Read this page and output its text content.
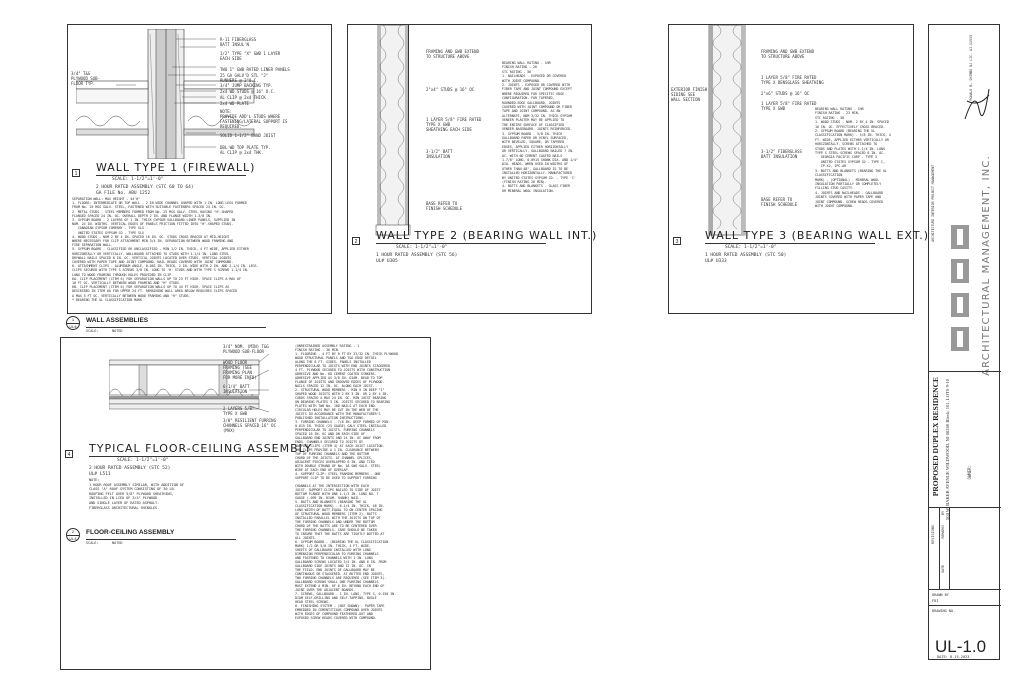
R-11 FIBERGLASS
BATT INSUL'N
1/2" TYPE "X" GWB 1 LAYER
EACH SIDE
TWO 1" GWB RATED LINER PANELS
25 GA GALV'D STL "J"
RUNNERS @ 2"O.C.
3/4" T&G
PLYWOOD SUB-
FLOOR TYP.	3/4" JUMP BACKING TYP.
2x4 WD STUDS @ 16" O.C.
AL CLIP @ 2x4 THICK
2x4 WD PLATE
NOTE:
PROVIDE ADD'L STUDS WHERE
FASTENING/LATERAL SUPPORT IS
REQUIRED.
SOLID 1-1/2" BAND JOIST
DBL WD TOP PLATE TYP.
AL CLIP @ 2x4 THK.
1 WALL TYPE 1 (FIREWALL)
SCALE: 1-1/2"=1'-0"
2 HOUR RATED ASSEMBLY (STC 60 TO 64)
GA FILE No. ABU 1252
SEPARATION WALL: MAX HEIGHT - 44'0"
1. FLOORS: INTERMEDIATE OR TOP WALL - 2 IN WIDE CHANNEL SHAPED WITH 1 IN. LONG LEGS FORMED
FROM No. 25 MSG GALV. STEEL, FASTENED WITH SUITABLE FASTENERS SPACED 24 IN. OC.
2. METAL STUDS - STEEL MEMBERS FORMED FROM No. 25 MSG GALV. STEEL HAVING "H"-SHAPED
FLANGED SPACED 24 IN. OC. OVERALL DEPTH 2 IN. AND FLANGE WIDTH 1-3/8 IN.
3. GYPSUM BOARD - 2 LAYERS OF 1 IN. THICK GYPSUM GALLBOARD LINER PANELS, SUPPLIED IN
NOM. 24 IN. WIDTHS. VERTICAL EDGES OF PANELS FRICTION FITTED INTO "H"-SHAPED STUDS.
CANADIAN GYPSUM COMPANY - TYPE SLX
UNITED STATES GYPSUM CO - TYPE SLX
4. WOOD STUDS - NOM 2 BY 4 IN. SPACED 16 IN. OC. STUDS CROSS BRACED AT MID-HEIGHT
WHERE NECESSARY FOR CLIP ATTACHMENT MIN 3/4 IN. SEPARATION BETWEEN WOOD FRAMING AND
FIRE SEPARATION WALL.
5. GYPSUM BOARD - CLASSIFIED OR UNCLASSIFIED - MIN 1/2 IN. THICK, 4 FT WIDE, APPLIED EITHER
HORIZONTALLY OR VERTICALLY. WALLBOARD ATTACHED TO STUDS WITH 1-1/4 IN. LONG STEEL
DRYWALL NAILS SPACED 8 IN. OC. VERTICAL JOINTS LOCATED OVER STUDS. VERTICAL JOINTS
COVERED WITH PAPER TAPE AND JOINT COMPOUND. NAIL HEADS COVERED WITH JOINT COMPOUND.
6. ATTACHMENT CLIPS - ALUMINUM ANGLE, 0.063 IN. THICK, 2 IN. WIDE WITH 2 IN. AND 2-1/4 IN. LEGS.
CLIPS SECURED WITH TYPE S SCREWS 3/8 IN. LONG TO 'H' STUDS AND WITH TYPE S SCREWS 1-1/4 IN.
LONG TO WOOD FRAMING THROUGH HOLES PROVIDED IN CLIP.
6A. CLIP PLACEMENT (ITEM 6) FOR SEPARATION WALLS UP TO 23 FT HIGH. SPACE CLIPS A MAX OF
10 FT OC. VERTICALLY BETWEEN WOOD FRAMING AND "H" STUDS.
6B. CLIP PLACEMENT (ITEM 6) FOR SEPARATION WALLS UP TO 44 FT HIGH. SPACE CLIPS AS
DESCRIBED IN ITEM 6A FOR UPPER 24 FT. REMAINING WALL AREA BELOW REQUIRES CLIPS SPACED
A MAX 5 FT OC. VERTICALLY BETWEEN WOOD FRAMING AND "H" STUDS.
* BEARING THE UL CLASSIFICATION MARK
FRAMING AND GWB EXTEND
TO STRUCTURE ABOVE
2"x4" STUDS @ 16" OC
1 LAYER 5/8" FIRE RATED
TYPE X GWB
SHEATHING EACH SIDE
3-1/2" BATT
INSULATION
BASE REFER TO
FINISH SCHEDULE
BEARING WALL RATING - 1HR
FINISH RATING - 26
STC RATING - 56
1. NAILHEADS - EXPOSED OR COVERED
WITH JOINT COMPOUND.
2. JOINTS - EXPOSED OR COVERED WITH
FIBER TAPE AND JOINT COMPOUND EXCEPT
WHERE REQUIRED FOR SPECIFIC EDGE
CONFIGURATION. FOR TAPERED,
ROUNDED-EDGE GALLBOARD, JOINTS
COVERED WITH JOINT COMPOUND OR FIBER
TAPE AND JOINT COMPOUND. AS AN
ALTERNATE, NOM 3/32 IN. THICK GYPSUM
VENEER PLASTER MAY BE APPLIED TO
THE ENTIRE SURFACE OF CLASSIFIED
VENEER BASEBOARD. JOINTS REINFORCED.
3. GYPSUM BOARD - 5/8 IN. THICK
GALLBOARD PAPER OR VINYL SURFACED,
WITH BEVELED, SQUARE, OR TAPERED
EDGES, APPLIED EITHER HORIZONTALLY
OR VERTICALLY. GALLBOARD NAILED 7 IN.
OC. WITH 6D CEMENT COATED NAILS
1-7/8" LONG, 0.0915 SHANK DIA. AND 1/4"
DIA. HEADS. WHEN USED IN WIDTHS OF
OTHER THAN 48", GALLBOARD IS TO BE
INSTALLED HORIZONTALLY. MANUFACTURED
BY UNITED STATES GYPSUM CO. - TYPE 'C'
(FINISH RATING 26 MIN).
4. BATTS AND BLANKETS - GLASS FIBER
OR MINERAL WOOL INSULATION.
2 WALL TYPE 2 (BEARING WALL INT.)
SCALE: 1-1/2"=1'-0"
1 HOUR RATED ASSEMBLY (STC 56)
UL# U305
FRAMING AND GWB EXTEND
TO STRUCTURE ABOVE
EXTERIOR FINISH
SIDING SEE
WALL SECTION
1 LAYER 5/8" FIRE RATED
TYPE X DENSGLASS SHEATHING
2"x6" STUDS @ 16" OC
1 LAYER 5/8" FIRE RATED
TYPE X GWB
3-1/2" FIBERGLASS
BATT INSULATION
BASE REFER TO
FINISH SCHEDULE
BEARING WALL RATING - 1HR
FINISH RATING - 23 MIN.
STC RATING - 50
1. WOOD STUDS - NOM. 2 BY 4 IN. SPACED
16 IN. OC. EFFECTIVELY CROSS BRACED.
2. GYPSUM BOARD (BEARING THE UL
CLASSIFICATION MARK) - 5/8 IN. THICK, 4
FT. WIDE, APPLIED EITHER VERTICALLY OR
HORIZONTALLY. SCREWS ATTACHED TO
STUDS AND PLATES WITH 1-1/4 IN. LONG
TYPE S STEEL SCREWS SPACED 8 IN. OC.
GEORGIA PACIFIC CORP - TYPE 5
UNITED STATES GYPSUM CO - TYPE C,
IP-X2, IPC-AR
3. BATTS AND BLANKETS (BEARING THE UL
CLASSIFICATION
MARK) - (OPTIONAL) - MINERAL WOOL
INSULATION PARTIALLY OR COMPLETELY
FILLING STUD CAVITY.
4. JOINTS AND NAILHEADS - GALLBOARD
JOINTS COVERED WITH PAPER TAPE AND
JOINT COMPOUND. SCREW HEADS COVERED
WITH JOINT COMPOUND.
3 WALL TYPE 3 (BEARING WALL EXT.)
SCALE: 1-1/2"=1'-0"
1 HOUR RATED ASSEMBLY (STC 50)
UL# U333
1
UL-5
WALL ASSEMBLIES
SCALE:	NOTED
3/4" NOM. (MIN) T&G
PLYWOOD SUB-FLOOR
WOOD FLOOR
FRAMING (SEE
FRAMING PLAN
FOR MORE INFO)
6-1/4" BATT
INSULATION
2 LAYERS 5/8"
TYPE X GWB
3/8" RESILIENT FURRING
CHANNELS SPACED 16" OC
(MAX)
4 TYPICAL FLOOR-CEILING ASSEMBLY
SCALE: 1-1/2"=1'-0"
2 HOUR RATED ASSEMBLY (STC 52)
UL# L511
NOTE:
1 HOUR ROOF ASSEMBLY SIMILAR, WITH ADDITION OF
CLASS "A" ROOF SYSTEM CONSISTING OF 30 LB.
ROOFING FELT OVER 5/8" PLYWOOD SHEATHING,
INSTALLED IN LIEU OF 3/4" PLYWOOD
AND SINGLE LAYER OF RATED ASPHALT-
FIBERGLASS ARCHITECTURAL SHINGLES.
(UNRESTRAINED ASSEMBLY RATING - 1
FINISH RATING - 36 MIN.
1. FLOORING - 4 FT BY 8 FT BY 23/32 IN. THICK PLYWOOD
WOOD STRUCTURAL PANELS AND T&G EDGE DETAIL
ALONG THE 8 FT. SIDES. PANELS INSTALLED
PERPENDICULAR TO JOISTS WITH END JOINTS STAGGERED
4 FT. PLYWOOD SECURED TO JOISTS WITH CONSTRUCTION
ADHESIVE AND No. 6D CEMENT COATED SINKERS.
ADHESIVE APPLIED AS 3/8 IN. DIAM. BEAD TO TOP
FLANGE OF JOISTS AND GROOVED EDGES OF PLYWOOD.
NAILS SPACED 12 IN. OC. ALONG EACH JOIST.
2. STRUCTURAL WOOD MEMBERS - MIN 9 IN DEEP "I"
SHAPED WOOD JOISTS WITH 2 BY 3 IN. OR 2 BY 4 IN.
CORDS SPACED A MAX 24 IN. OC. MIN JOIST BEARING
ON BEARING PLATES 3 IN. JOISTS SECURED TO BEARING
PLATES WITH TWO No. 10D NAILS AT EACH END.
CIRCULAR HOLES MAY BE CUT IN THE WEB OF THE
JOISTS IN ACCORDANCE WITH THE MANUFACTURER'S
PUBLISHED INSTALLATION INSTRUCTIONS.
3. FURRING CHANNELS - 7/8 IN. DEEP FORMED OF MIN.
0.015 IN. THICK (25 GAUGE) GALV STEEL INSTALLED
PERPENDICULAR TO JOISTS. FURRING CHANNELS
SPACED 16 IN. OC AND ON EACH SIDE OF
GALLBOARD END JOINTS AND 24 IN. OC AWAY FROM
ENDS. CHANNELS SECURED TO JOISTS BY
SUPPORT CLIPS (ITEM 4) AT EACH JOIST LOCATION.
THE CLIPS PROVIDE A 1 IN. CLEARANCE BETWEEN
TOP OF FURRING CHANNELS AND THE BOTTOM
CHORD OF THE JOISTS. AT CHANNEL SPLICES,
ADJACENT PIECES OVERLAPPED 6 IN. AND TIED
WITH DOUBLE STRAND OF No. 18 SWG GALV. STEEL
WIRE AT EACH END OF OVERLAP.
4. SUPPORT CLIP: STEEL FRAMING MEMBERS - ONE
SUPPORT CLIP TO BE USED TO SUPPORT FURRING

CHANNELS AT THE INTERSECTION WITH EACH
JOIST. SUPPORT CLIPS NAILED TO SIDE OF JOIST
BOTTOM FLANGE WITH ONE 1-1/2 IN. LONG NO. 7
GAUGE (.099 IN. DIAM. SHANK) NAIL.
5. BATTS AND BLANKETS (BEARING THE UL
CLASSIFICATION MARK) - 6-1/4 IN. THICK, 48 IN.
LONG WIDTH OF BATT EQUAL TO ON CENTER SPACING
OF STRUCTURAL WOOD MEMBERS (ITEM 2). BATTS
INSTALLED PARALLEL WITH THE JOISTS ON TOP OF
THE FURRING CHANNELS AND UNDER THE BOTTOM
CHORD OF THE BATTS ARE TO BE CENTERED OVER
THE FURRING CHANNELS. CARE SHOULD BE TAKEN
TO INSURE THAT THE BATTS ARE TIGHTLY BUTTED AT
ALL JOINTS.
6. GYPSUM BOARD - (BEARING THE UL CLASSIFICATION
MARK) 1/2 OR 5/8 IN. THICK, 4 FT. WIDE.
SHEETS OF GALLBOARD INSTALLED WITH LONG
DIMENSION PERPENDICULAR TO FURRING CHANNELS
AND FASTENED TO CHANNELS WITH 1 IN. LONG
GALLBOARD SCREWS LOCATED 3/4 IN. AND 6 IN. FROM
GALLBOARD SIDE JOINTS AND 12 IN. OC. IN
THE FIELD. END JOINTS OF GALLBOARD MAY BE
CONTINUOUS OR STAGGERED. AT BUTTED END JOINTS,
TWO FURRING CHANNELS ARE REQUIRED (SEE ITEM 3).
GALLBOARD SCREWS SHALL ONE FURRING CHANNELS
MUST EXTEND A MIN. OF 6 IN. BEYOND EACH END OF
JOINT OVER THE ADJACENT BOARDS.
7. SCREWS, GALLBOARD - 1 IN. LONG, TYPE S, 0.150 IN.
DIAM SELF-DRILLING AND SELF-TAPPING, BUGLE
HEAD STEEL SCREWS.
8. FINISHING SYSTEM - (NOT SHOWN) - PAPER TAPE
EMBEDDED IN CEMENTITIOUS COMPOUND OVER JOINTS
WITH EDGES OF COMPOUND FEATHERED-OUT AND
EXPOSED SCREW HEADS COVERED WITH COMPOUND.
2
UL-5
FLOOR-CEILING ASSEMBLY
SCALE:	NOTED
RONALD B. SHIMBO NJ LIC. AI-11533
ARCHITECTURE INTERIOR PROJECT MANAGEMENT	ARCHITECTURAL MANAGEMENT, INC.
PROPOSED DUPLEX RESIDENCE 504 W. BAKER AVENUE WILDWOOD, NJ 08260 Block: 101, LOTS 9-10	OWNER:
REVISIONS
DATE
REMARKS
BY
DRAWN BY
FDI
DRAWING NO.
UL-1.0
DATE: 8.15.2023
